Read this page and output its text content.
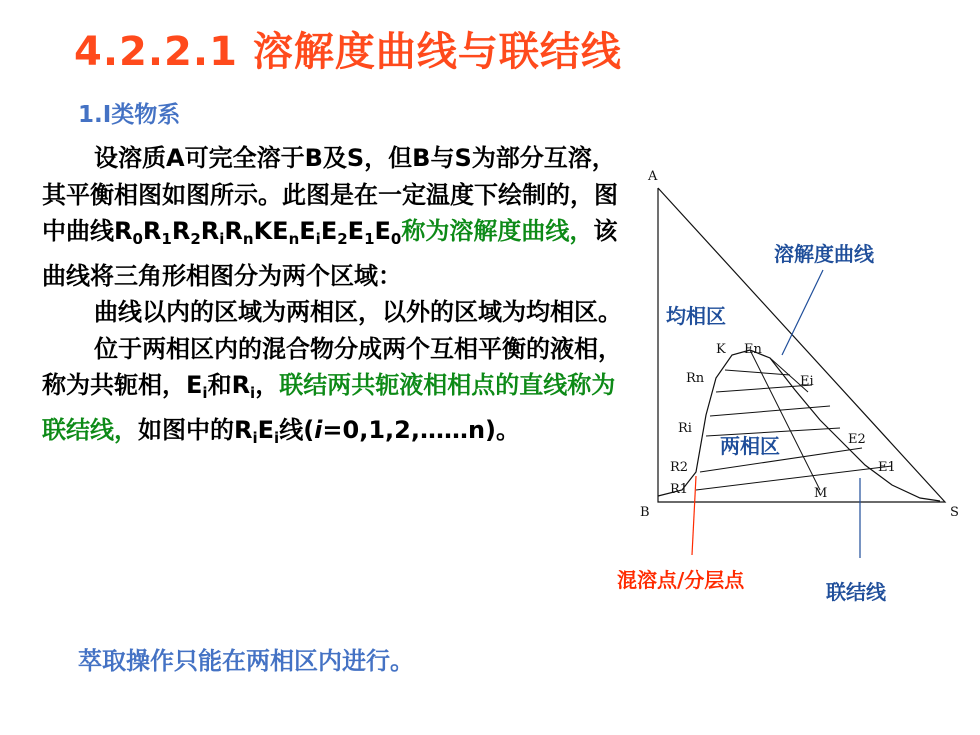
4.2.2.1 溶解度曲线与联结线
1.I类物系

设溶质A可完全溶于B及S，但B与S为部分互溶，其平衡相图如图所示。此图是在一定温度下绘制的，图中曲线$R_0R_1R_2R_iR_nKE_nE_iE_2E_1E_0$称为溶解度曲线，该曲线将三角形相图分为两个区域：

曲线以内的区域为两相区，以外的区域为均相区。

位于两相区内的混合物分成两个互相平衡的液相，称为共轭相，$E_i$和$R_i$，联结两共轭液相相点的直线称为联结线，如图中的$R_iE_i$线(i=0,1,2,……n)。

萃取操作只能在两相区内进行。
A
B	S
K En
Rn	Ei
Ri
E2
R2	E1
R1	M
溶解度曲线
均相区
两相区
混溶点/分层点	联结线
